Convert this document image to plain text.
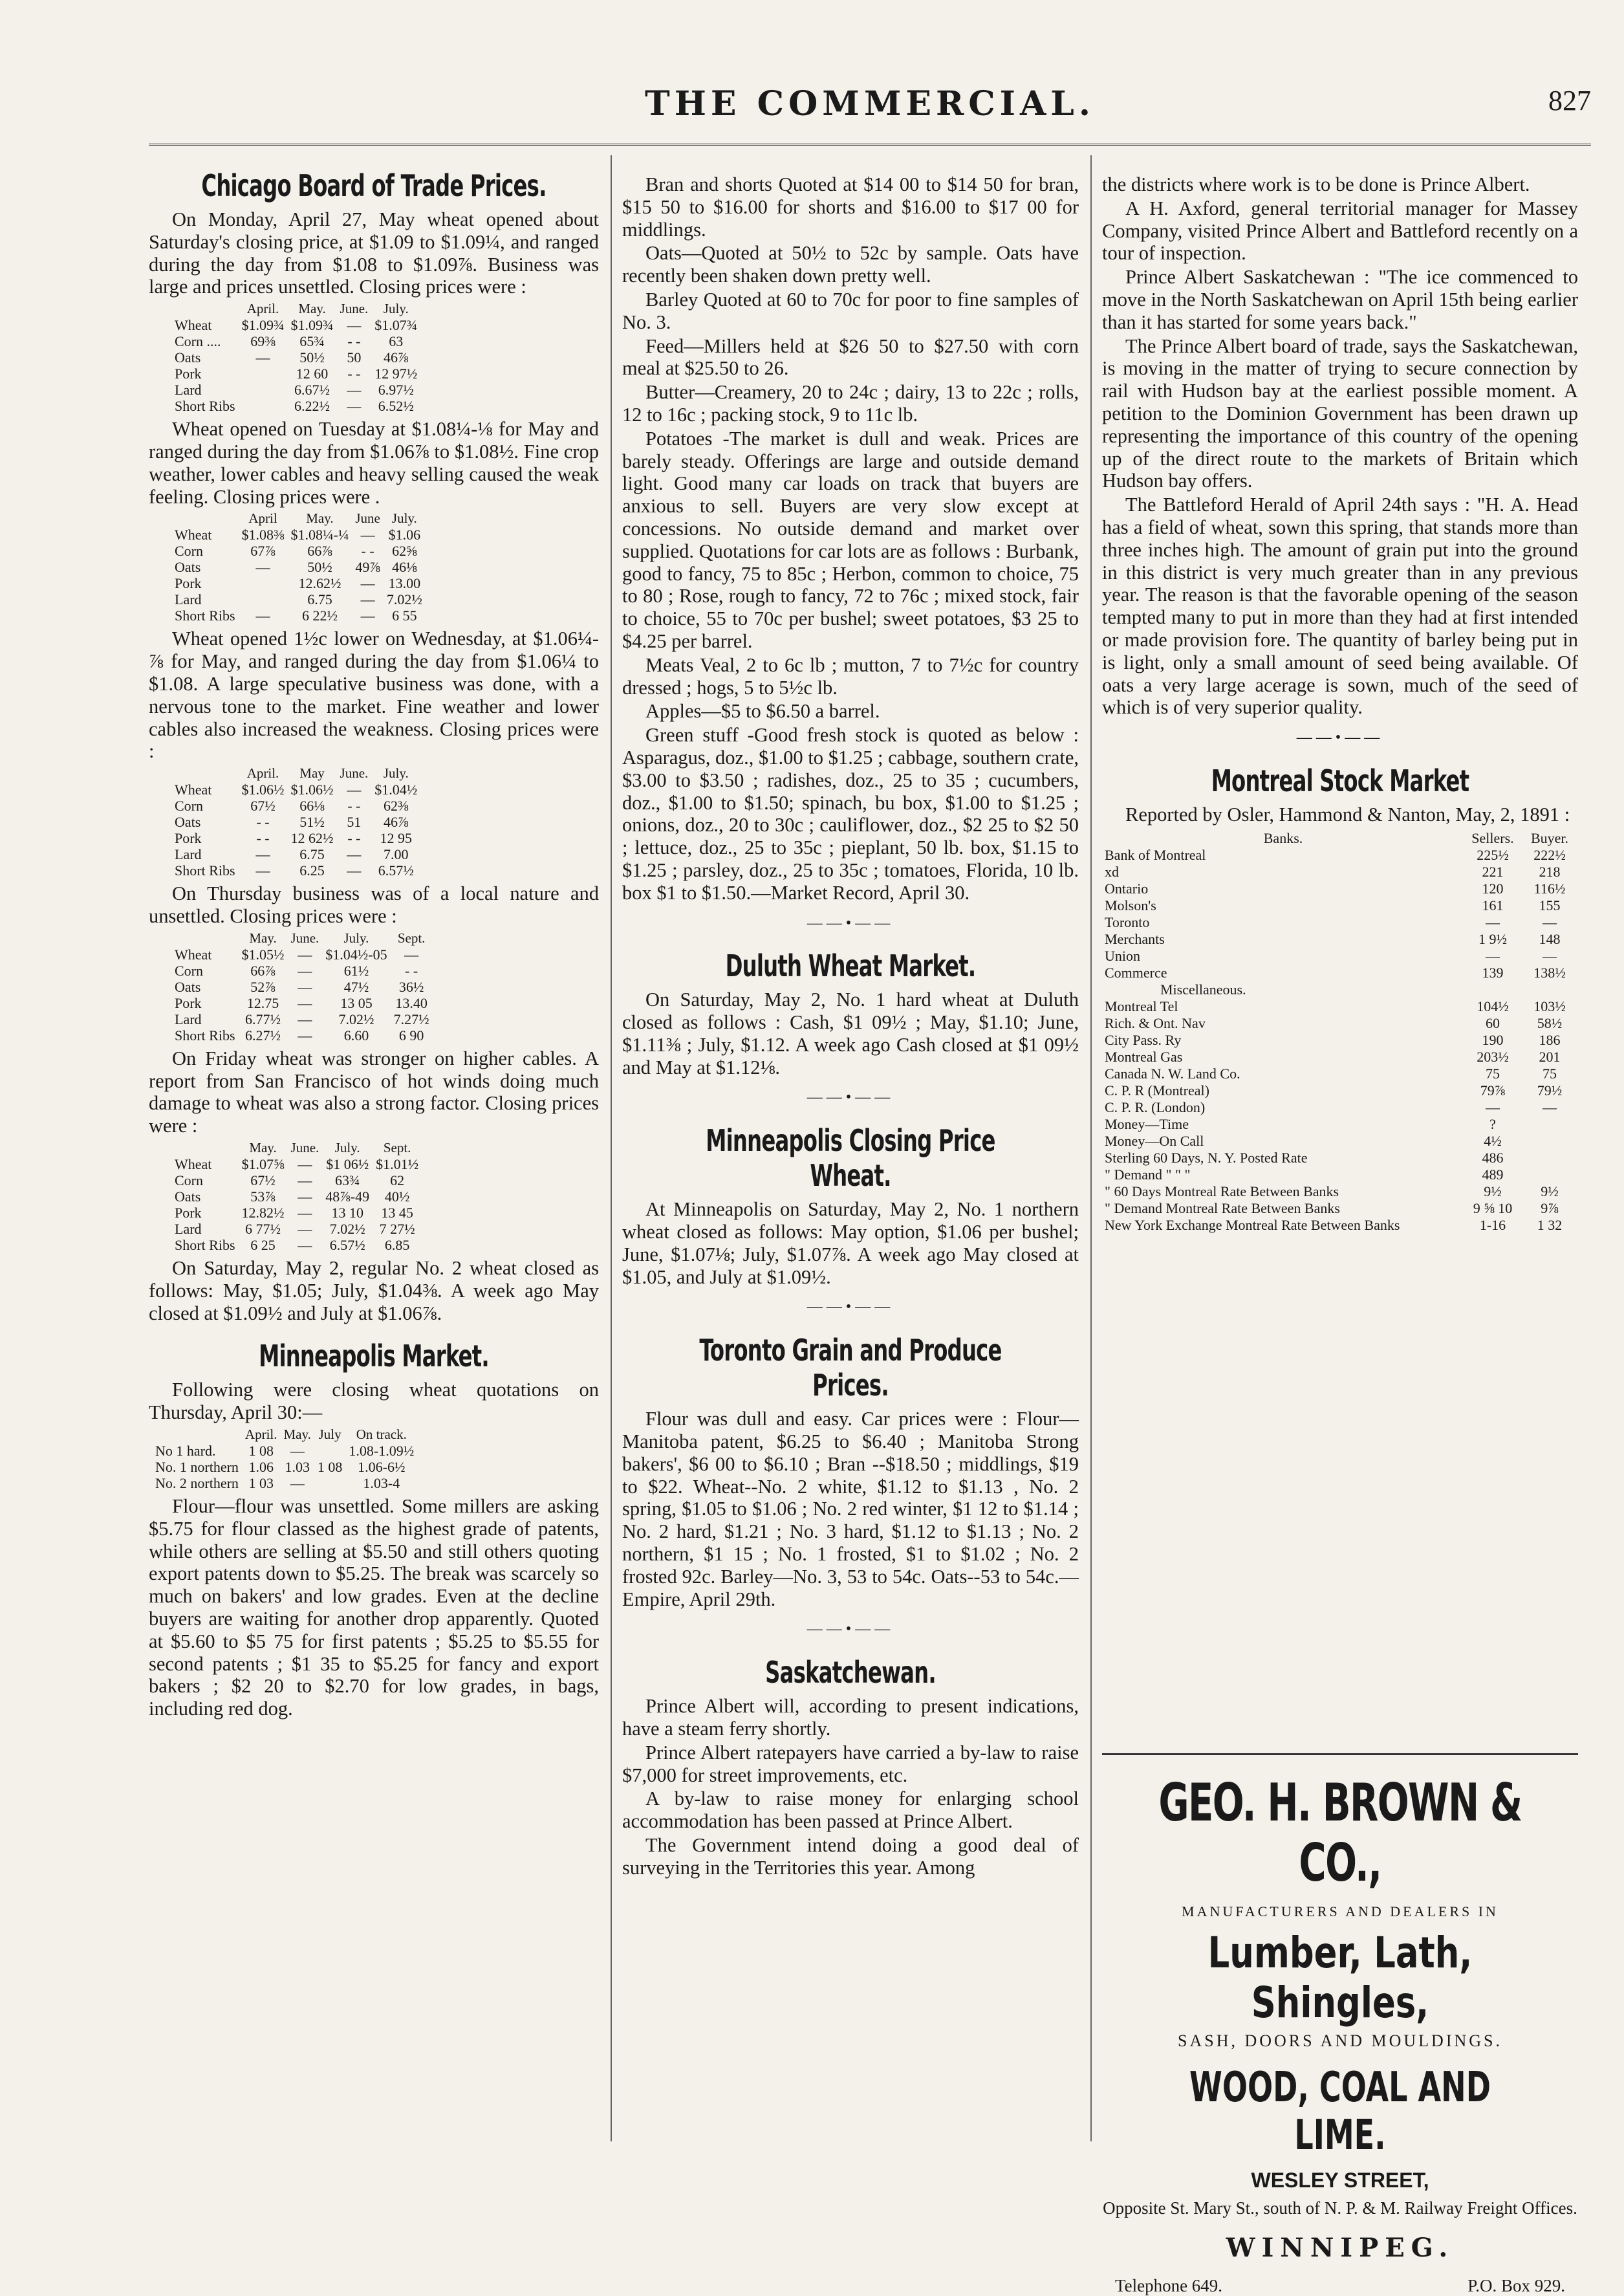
THE COMMERCIAL.	827
Chicago Board of Trade Prices.

On Monday, April 27, May wheat opened about Saturday's closing price, at $1.09 to $1.09¼, and ranged during the day from $1.08 to $1.09⅞. Business was large and prices unsettled. Closing prices were :

	April.	May.	June.	July.
Wheat	$1.09¾	$1.09¾	—	$1.07¾
Corn ....	69⅜	65¾	- -	63
Oats	—	50½	50	46⅞
Pork		12 60	- -	12 97½
Lard		6.67½	—	6.97½
Short Ribs		6.22½	—	6.52½

Wheat opened on Tuesday at $1.08¼-⅛ for May and ranged during the day from $1.06⅞ to $1.08½. Fine crop weather, lower cables and heavy selling caused the weak feeling. Closing prices were .

	April	May.	June	July.
Wheat	$1.08⅜	$1.08¼-¼	—	$1.06
Corn	67⅞	66⅞	- -	62⅝
Oats	—	50½	49⅞	46⅛
Pork		12.62½	—	13.00
Lard		6.75	—	7.02½
Short Ribs	—	6 22½	—	6 55

Wheat opened 1½c lower on Wednesday, at $1.06¼-⅞ for May, and ranged during the day from $1.06¼ to $1.08. A large speculative business was done, with a nervous tone to the market. Fine weather and lower cables also increased the weakness. Closing prices were :

	April.	May	June.	July.
Wheat	$1.06½	$1.06½	—	$1.04½
Corn	67½	66⅛	- -	62⅜
Oats	- -	51½	51	46⅞
Pork	- -	12 62½	- -	12 95
Lard	—	6.75	—	7.00
Short Ribs	—	6.25	—	6.57½

On Thursday business was of a local nature and unsettled. Closing prices were :

	May.	June.	July.	Sept.
Wheat	$1.05½	—	$1.04½-05	—
Corn	66⅞	—	61½	- -
Oats	52⅞	—	47½	36½
Pork	12.75	—	13 05	13.40
Lard	6.77½	—	7.02½	7.27½
Short Ribs	6.27½	—	6.60	6 90

On Friday wheat was stronger on higher cables. A report from San Francisco of hot winds doing much damage to wheat was also a strong factor. Closing prices were :

	May.	June.	July.	Sept.
Wheat	$1.07⅝	—	$1 06½	$1.01½
Corn	67½	—	63¾	62
Oats	53⅞	—	48⅞-49	40½
Pork	12.82½	—	13 10	13 45
Lard	6 77½	—	7.02½	7 27½
Short Ribs	6 25	—	6.57½	6.85

On Saturday, May 2, regular No. 2 wheat closed as follows: May, $1.05; July, $1.04⅜. A week ago May closed at $1.09½ and July at $1.06⅞.

Minneapolis Market.

Following were closing wheat quotations on Thursday, April 30:—

	April.	May.	July	On track.
No 1 hard.	1 08	—		1.08-1.09½
No. 1 northern	1.06	1.03	1 08	1.06-6½
No. 2 northern	1 03	—		1.03-4

Flour—flour was unsettled. Some millers are asking $5.75 for flour classed as the highest grade of patents, while others are selling at $5.50 and still others quoting export patents down to $5.25. The break was scarcely so much on bakers' and low grades. Even at the decline buyers are waiting for another drop apparently. Quoted at $5.60 to $5 75 for first patents ; $5.25 to $5.55 for second patents ; $1 35 to $5.25 for fancy and export bakers ; $2 20 to $2.70 for low grades, in bags, including red dog.

Bran and shorts Quoted at $14 00 to $14 50 for bran, $15 50 to $16.00 for shorts and $16.00 to $17 00 for middlings.

Oats—Quoted at 50½ to 52c by sample. Oats have recently been shaken down pretty well.

Barley Quoted at 60 to 70c for poor to fine samples of No. 3.

Feed—Millers held at $26 50 to $27.50 with corn meal at $25.50 to 26.

Butter—Creamery, 20 to 24c ; dairy, 13 to 22c ; rolls, 12 to 16c ; packing stock, 9 to 11c lb.

Potatoes -The market is dull and weak. Prices are barely steady. Offerings are large and outside demand light. Good many car loads on track that buyers are anxious to sell. Buyers are very slow except at concessions. No outside demand and market over supplied. Quotations for car lots are as follows : Burbank, good to fancy, 75 to 85c ; Herbon, common to choice, 75 to 80 ; Rose, rough to fancy, 72 to 76c ; mixed stock, fair to choice, 55 to 70c per bushel; sweet potatoes, $3 25 to $4.25 per barrel.

Meats Veal, 2 to 6c lb ; mutton, 7 to 7½c for country dressed ; hogs, 5 to 5½c lb.

Apples—$5 to $6.50 a barrel.

Green stuff -Good fresh stock is quoted as below : Asparagus, doz., $1.00 to $1.25 ; cabbage, southern crate, $3.00 to $3.50 ; radishes, doz., 25 to 35 ; cucumbers, doz., $1.00 to $1.50; spinach, bu box, $1.00 to $1.25 ; onions, doz., 20 to 30c ; cauliflower, doz., $2 25 to $2 50 ; lettuce, doz., 25 to 35c ; pieplant, 50 lb. box, $1.15 to $1.25 ; parsley, doz., 25 to 35c ; tomatoes, Florida, 10 lb. box $1 to $1.50.—Market Record, April 30.

——•——
Duluth Wheat Market.

On Saturday, May 2, No. 1 hard wheat at Duluth closed as follows : Cash, $1 09½ ; May, $1.10; June, $1.11⅜ ; July, $1.12. A week ago Cash closed at $1 09½ and May at $1.12⅛.

——•——
Minneapolis Closing Price Wheat.

At Minneapolis on Saturday, May 2, No. 1 northern wheat closed as follows: May option, $1.06 per bushel; June, $1.07⅛; July, $1.07⅞. A week ago May closed at $1.05, and July at $1.09½.

——•——
Toronto Grain and Produce Prices.

Flour was dull and easy. Car prices were : Flour—Manitoba patent, $6.25 to $6.40 ; Manitoba Strong bakers', $6 00 to $6.10 ; Bran --$18.50 ; middlings, $19 to $22. Wheat--No. 2 white, $1.12 to $1.13 , No. 2 spring, $1.05 to $1.06 ; No. 2 red winter, $1 12 to $1.14 ; No. 2 hard, $1.21 ; No. 3 hard, $1.12 to $1.13 ; No. 2 northern, $1 15 ; No. 1 frosted, $1 to $1.02 ; No. 2 frosted 92c. Barley—No. 3, 53 to 54c. Oats--53 to 54c.—Empire, April 29th.

——•——
Saskatchewan.

Prince Albert will, according to present indications, have a steam ferry shortly.

Prince Albert ratepayers have carried a by-law to raise $7,000 for street improvements, etc.

A by-law to raise money for enlarging school accommodation has been passed at Prince Albert.

The Government intend doing a good deal of surveying in the Territories this year. Among

the districts where work is to be done is Prince Albert.

A H. Axford, general territorial manager for Massey Company, visited Prince Albert and Battleford recently on a tour of inspection.

Prince Albert Saskatchewan : "The ice commenced to move in the North Saskatchewan on April 15th being earlier than it has started for some years back."

The Prince Albert board of trade, says the Saskatchewan, is moving in the matter of trying to secure connection by rail with Hudson bay at the earliest possible moment. A petition to the Dominion Government has been drawn up representing the importance of this country of the opening up of the direct route to the markets of Britain which Hudson bay offers.

The Battleford Herald of April 24th says : "H. A. Head has a field of wheat, sown this spring, that stands more than three inches high. The amount of grain put into the ground in this district is very much greater than in any previous year. The reason is that the favorable opening of the season tempted many to put in more than they had at first intended or made provision fore. The quantity of barley being put in is light, only a small amount of seed being available. Of oats a very large acerage is sown, much of the seed of which is of very superior quality.

——•——
Montreal Stock Market

Reported by Osler, Hammond & Nanton, May, 2, 1891 :

Banks.	Sellers.	Buyer.
Bank of Montreal	225½	222½
xd	221	218
Ontario	120	116½
Molson's	161	155
Toronto	—	—
Merchants	1 9½	148
Union	—	—
Commerce	139	138½
Miscellaneous.		
Montreal Tel	104½	103½
Rich. & Ont. Nav	60	58½
City Pass. Ry	190	186
Montreal Gas	203½	201
Canada N. W. Land Co.	75	75
C. P. R (Montreal)	79⅞	79½
C. P. R. (London)	—	—
Money—Time	?	
Money—On Call	4½	
Sterling 60 Days, N. Y. Posted Rate	486	
" Demand " " "	489	
" 60 Days Montreal Rate Between Banks	9½	9½
" Demand Montreal Rate Between Banks	9 ⅝ 10	9⅞
New York Exchange Montreal Rate Between Banks	1-16	1 32
GEO. H. BROWN & CO.,
MANUFACTURERS AND DEALERS IN
Lumber, Lath, Shingles,
SASH, DOORS AND MOULDINGS.
WOOD, COAL AND LIME.
WESLEY STREET,
Opposite St. Mary St., south of N. P. & M. Railway Freight Offices.
WINNIPEG.
Telephone 649.	P.O. Box 929.
